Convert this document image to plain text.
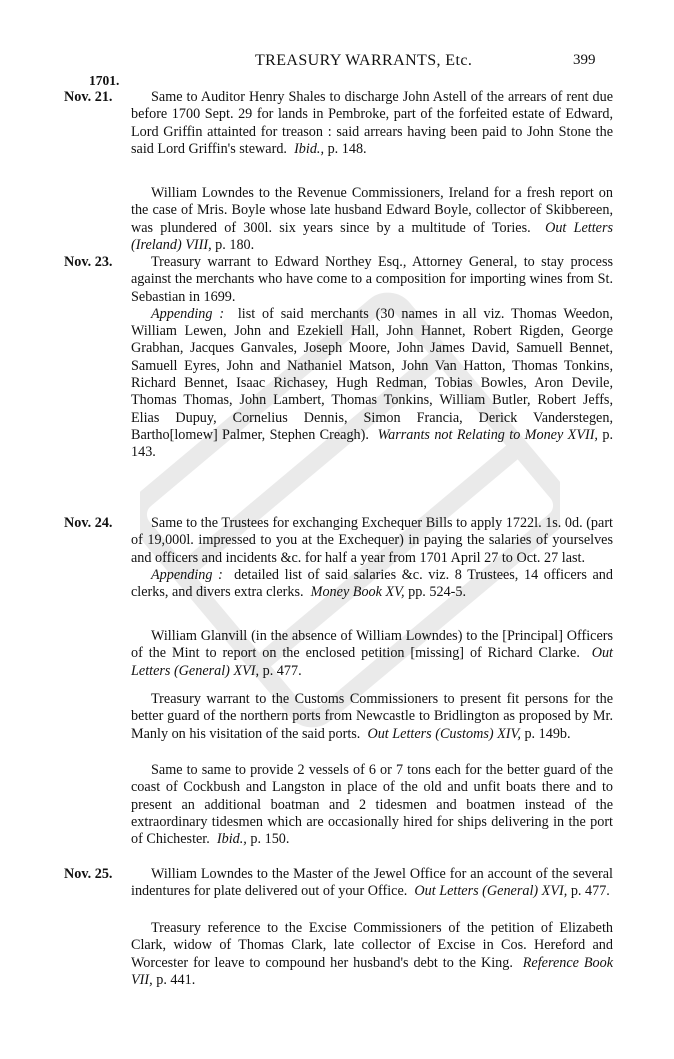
TREASURY WARRANTS, Etc.	399
1701.
Nov. 21.	Same to Auditor Henry Shales to discharge John Astell of the arrears of rent due before 1700 Sept. 29 for lands in Pembroke, part of the forfeited estate of Edward, Lord Griffin attainted for treason : said arrears having been paid to John Stone the said Lord Griffin's steward. Ibid., p. 148.

William Lowndes to the Revenue Commissioners, Ireland for a fresh report on the case of Mris. Boyle whose late husband Edward Boyle, collector of Skibbereen, was plundered of 300l. six years since by a multitude of Tories. Out Letters (Ireland) VIII, p. 180.

Nov. 23.	Treasury warrant to Edward Northey Esq., Attorney General, to stay process against the merchants who have come to a composition for importing wines from St. Sebastian in 1699.

Appending : list of said merchants (30 names in all viz. Thomas Weedon, William Lewen, John and Ezekiell Hall, John Hannet, Robert Rigden, George Grabhan, Jacques Ganvales, Joseph Moore, John James David, Samuell Bennet, Samuell Eyres, John and Nathaniel Matson, John Van Hatton, Thomas Tonkins, Richard Bennet, Isaac Richasey, Hugh Redman, Tobias Bowles, Aron Devile, Thomas Thomas, John Lambert, Thomas Tonkins, William Butler, Robert Jeffs, Elias Dupuy, Cornelius Dennis, Simon Francia, Derick Vanderstegen, Bartho[lomew] Palmer, Stephen Creagh). Warrants not Relating to Money XVII, p. 143.

Nov. 24.	Same to the Trustees for exchanging Exchequer Bills to apply 1722l. 1s. 0d. (part of 19,000l. impressed to you at the Exchequer) in paying the salaries of yourselves and officers and incidents &c. for half a year from 1701 April 27 to Oct. 27 last.

Appending : detailed list of said salaries &c. viz. 8 Trustees, 14 officers and clerks, and divers extra clerks. Money Book XV, pp. 524-5.

William Glanvill (in the absence of William Lowndes) to the [Principal] Officers of the Mint to report on the enclosed petition [missing] of Richard Clarke. Out Letters (General) XVI, p. 477.

Treasury warrant to the Customs Commissioners to present fit persons for the better guard of the northern ports from Newcastle to Bridlington as proposed by Mr. Manly on his visitation of the said ports. Out Letters (Customs) XIV, p. 149b.

Same to same to provide 2 vessels of 6 or 7 tons each for the better guard of the coast of Cockbush and Langston in place of the old and unfit boats there and to present an additional boatman and 2 tidesmen and boatmen instead of the extraordinary tidesmen which are occasionally hired for ships delivering in the port of Chichester. Ibid., p. 150.

Nov. 25.	William Lowndes to the Master of the Jewel Office for an account of the several indentures for plate delivered out of your Office. Out Letters (General) XVI, p. 477.

Treasury reference to the Excise Commissioners of the petition of Elizabeth Clark, widow of Thomas Clark, late collector of Excise in Cos. Hereford and Worcester for leave to compound her husband's debt to the King. Reference Book VII, p. 441.
